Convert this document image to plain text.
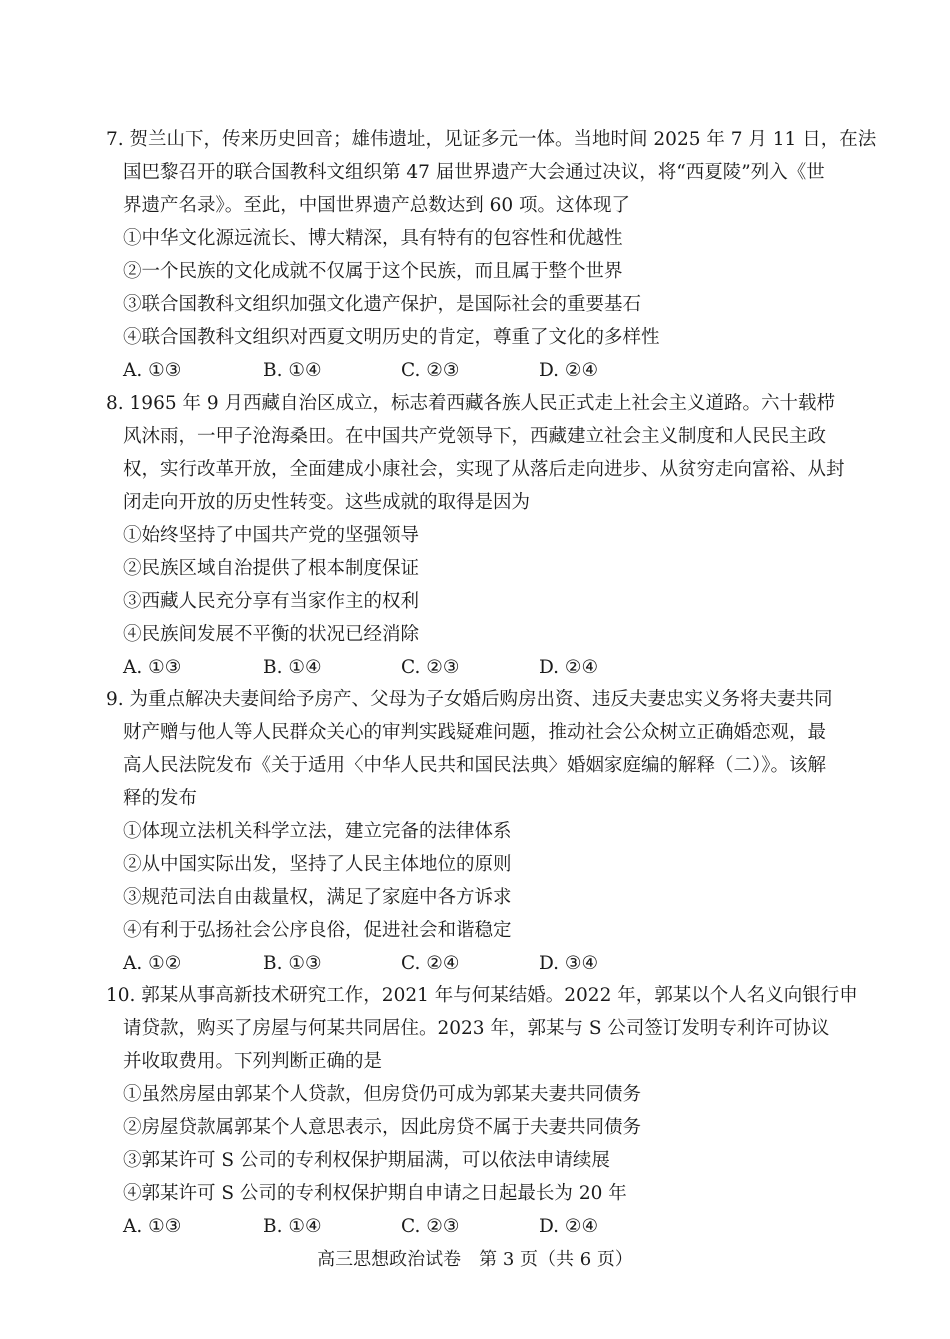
7. 贺兰山下，传来历史回音；雄伟遗址，见证多元一体。当地时间 2025 年 7 月 11 日，在法
国巴黎召开的联合国教科文组织第 47 届世界遗产大会通过决议，将“西夏陵”列入《世
界遗产名录》。至此，中国世界遗产总数达到 60 项。这体现了
①中华文化源远流长、博大精深，具有特有的包容性和优越性
②一个民族的文化成就不仅属于这个民族，而且属于整个世界
③联合国教科文组织加强文化遗产保护，是国际社会的重要基石
④联合国教科文组织对西夏文明历史的肯定，尊重了文化的多样性
A. ①③	B. ①④	C. ②③	D. ②④
8. 1965 年 9 月西藏自治区成立，标志着西藏各族人民正式走上社会主义道路。六十载栉
风沐雨，一甲子沧海桑田。在中国共产党领导下，西藏建立社会主义制度和人民民主政
权，实行改革开放，全面建成小康社会，实现了从落后走向进步、从贫穷走向富裕、从封
闭走向开放的历史性转变。这些成就的取得是因为
①始终坚持了中国共产党的坚强领导
②民族区域自治提供了根本制度保证
③西藏人民充分享有当家作主的权利
④民族间发展不平衡的状况已经消除
A. ①③	B. ①④	C. ②③	D. ②④
9. 为重点解决夫妻间给予房产、父母为子女婚后购房出资、违反夫妻忠实义务将夫妻共同
财产赠与他人等人民群众关心的审判实践疑难问题，推动社会公众树立正确婚恋观，最
高人民法院发布《关于适用〈中华人民共和国民法典〉婚姻家庭编的解释（二）》。该解
释的发布
①体现立法机关科学立法，建立完备的法律体系
②从中国实际出发，坚持了人民主体地位的原则
③规范司法自由裁量权，满足了家庭中各方诉求
④有利于弘扬社会公序良俗，促进社会和谐稳定
A. ①②	B. ①③	C. ②④	D. ③④
10. 郭某从事高新技术研究工作，2021 年与何某结婚。2022 年，郭某以个人名义向银行申
请贷款，购买了房屋与何某共同居住。2023 年，郭某与 S 公司签订发明专利许可协议
并收取费用。下列判断正确的是
①虽然房屋由郭某个人贷款，但房贷仍可成为郭某夫妻共同债务
②房屋贷款属郭某个人意思表示，因此房贷不属于夫妻共同债务
③郭某许可 S 公司的专利权保护期届满，可以依法申请续展
④郭某许可 S 公司的专利权保护期自申请之日起最长为 20 年
A. ①③	B. ①④	C. ②③	D. ②④
高三思想政治试卷　第 3 页（共 6 页）
